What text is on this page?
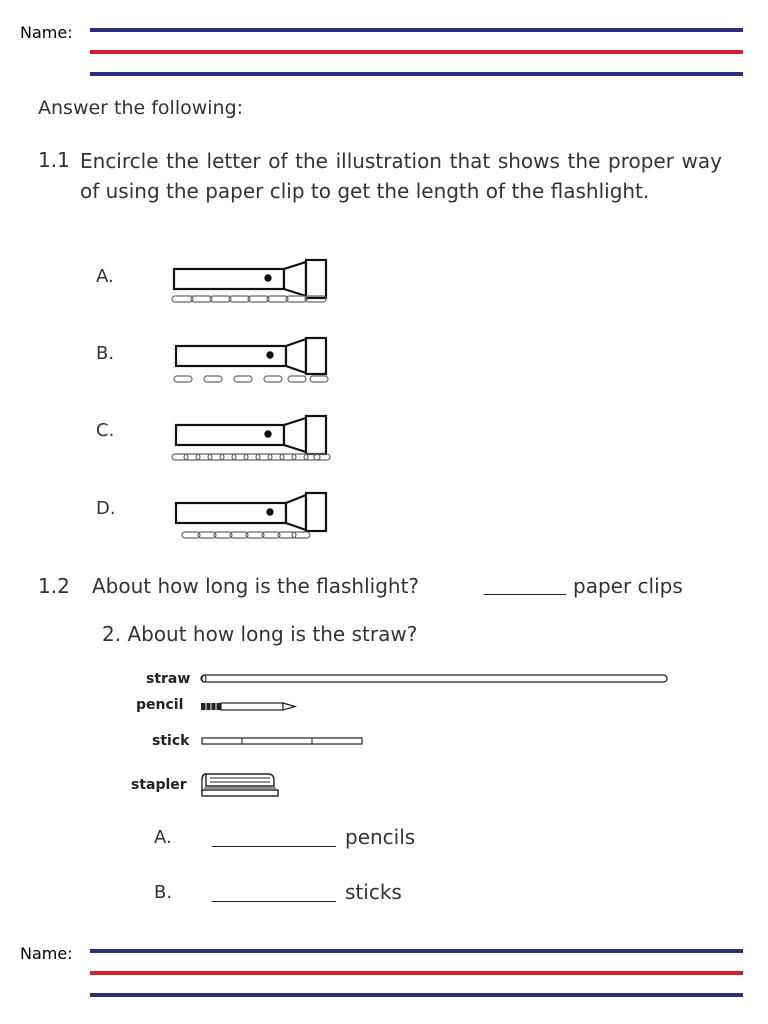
Name:
Answer the following:
1.1 Encircle the letter of the illustration that shows the proper way of using the paper clip to get the length of the flashlight.
A.
B.
C.
D.
1.2 About how long is the flashlight?	paper clips
2. About how long is the straw?
straw
pencil
stick
stapler
A.	pencils
B.	sticks
Name:
